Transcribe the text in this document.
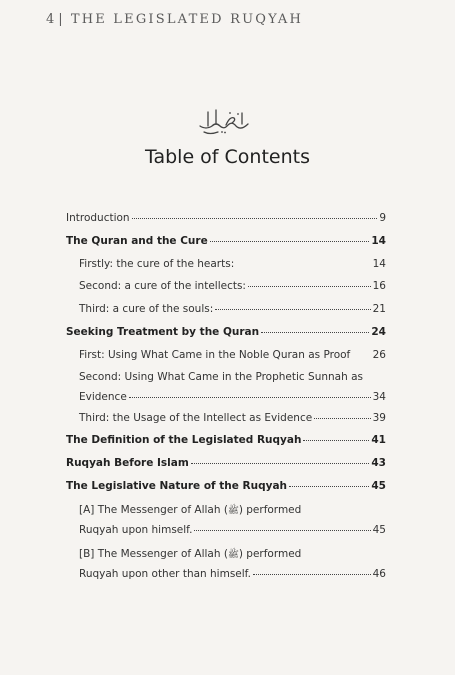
4 | THE LEGISLATED RUQYAH
Table of Contents
Introduction	9
The Quran and the Cure	14
Firstly: the cure of the hearts:	14
Second: a cure of the intellects:	16
Third: a cure of the souls:	21
Seeking Treatment by the Quran	24
First: Using What Came in the Noble Quran as Proof 26
Second: Using What Came in the Prophetic Sunnah as
Evidence	34
Third: the Usage of the Intellect as Evidence	39
The Definition of the Legislated Ruqyah	41
Ruqyah Before Islam	43
The Legislative Nature of the Ruqyah	45
[A] The Messenger of Allah (ﷺ) performed
Ruqyah upon himself.	45
[B] The Messenger of Allah (ﷺ) performed
Ruqyah upon other than himself.	46
